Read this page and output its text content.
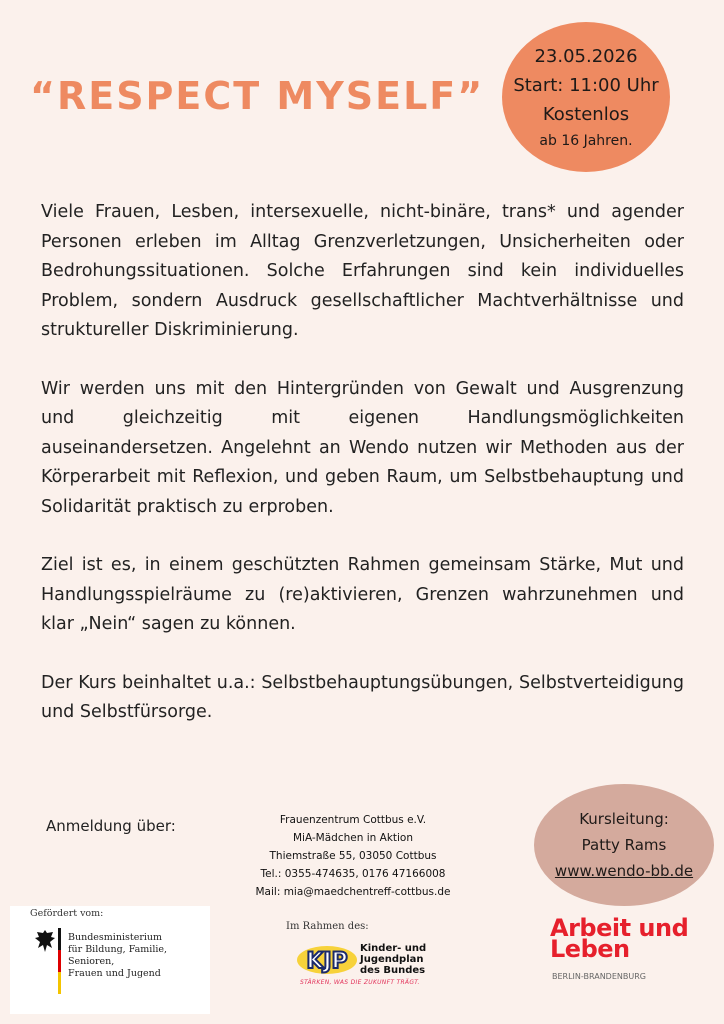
“RESPECT MYSELF”
23.05.2026
Start: 11:00 Uhr
Kostenlos
ab 16 Jahren.

Viele Frauen, Lesben, intersexuelle, nicht-binäre, trans* und agender Personen erleben im Alltag Grenzverletzungen, Unsicherheiten oder Bedrohungssituationen. Solche Erfahrungen sind kein individuelles Problem, sondern Ausdruck gesellschaftlicher Machtverhältnisse und struktureller Diskriminierung.

Wir werden uns mit den Hintergründen von Gewalt und Ausgrenzung und gleichzeitig mit eigenen Handlungsmöglichkeiten auseinandersetzen. Angelehnt an Wendo nutzen wir Methoden aus der Körperarbeit mit Reflexion, und geben Raum, um Selbstbehauptung und Solidarität praktisch zu erproben.

Ziel ist es, in einem geschützten Rahmen gemeinsam Stärke, Mut und Handlungsspielräume zu (re)aktivieren, Grenzen wahrzunehmen und klar „Nein“ sagen zu können.

Der Kurs beinhaltet u.a.: Selbstbehauptungsübungen, Selbstverteidigung und Selbstfürsorge.

Anmeldung über:	Frauenzentrum Cottbus e.V.
MiA-Mädchen in Aktion
Thiemstraße 55, 03050 Cottbus
Tel.: 0355-474635, 0176 47166008
Mail: mia@maedchentreff-cottbus.de
Kursleitung:
Patty Rams
www.wendo-bb.de
Gefördert vom:
Bundesministerium
für Bildung, Familie, Senioren,
Frauen und Jugend
Im Rahmen des:
KJP
Kinder- und
Jugendplan
des Bundes
STÄRKEN, WAS DIE ZUKUNFT TRÄGT.
Arbeit und
Leben
BERLIN-BRANDENBURG
